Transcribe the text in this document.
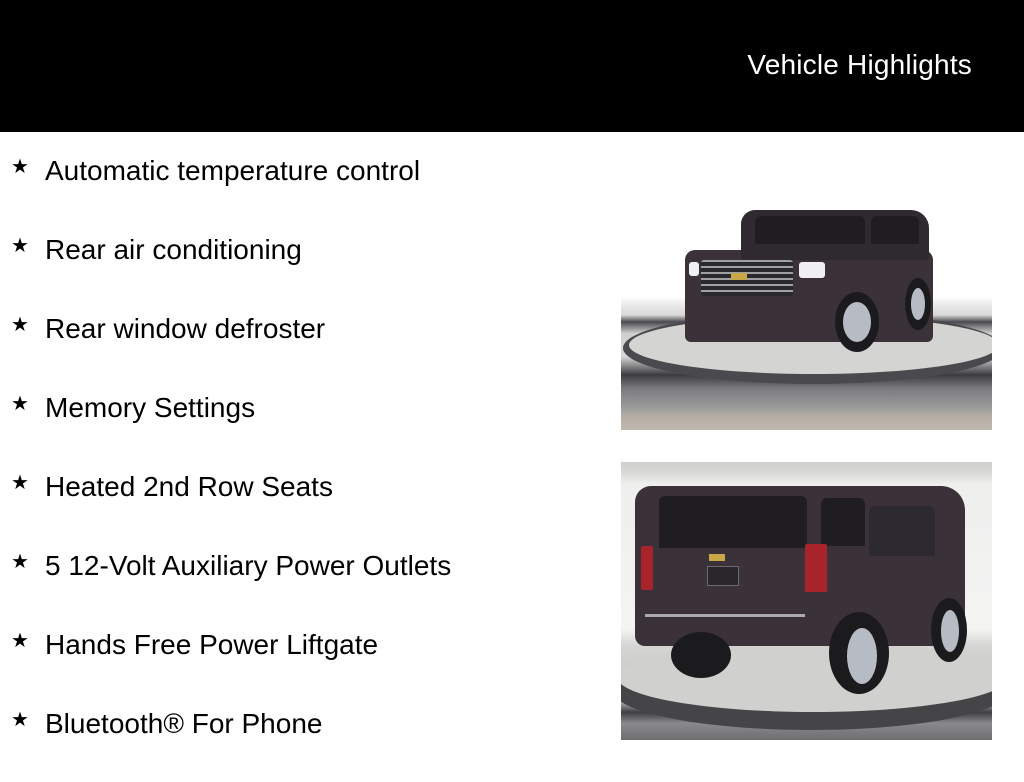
Vehicle Highlights
★ Automatic temperature control
★ Rear air conditioning
★ Rear window defroster
★ Memory Settings
★ Heated 2nd Row Seats
★ 5 12-Volt Auxiliary Power Outlets
★ Hands Free Power Liftgate
★ Bluetooth® For Phone
